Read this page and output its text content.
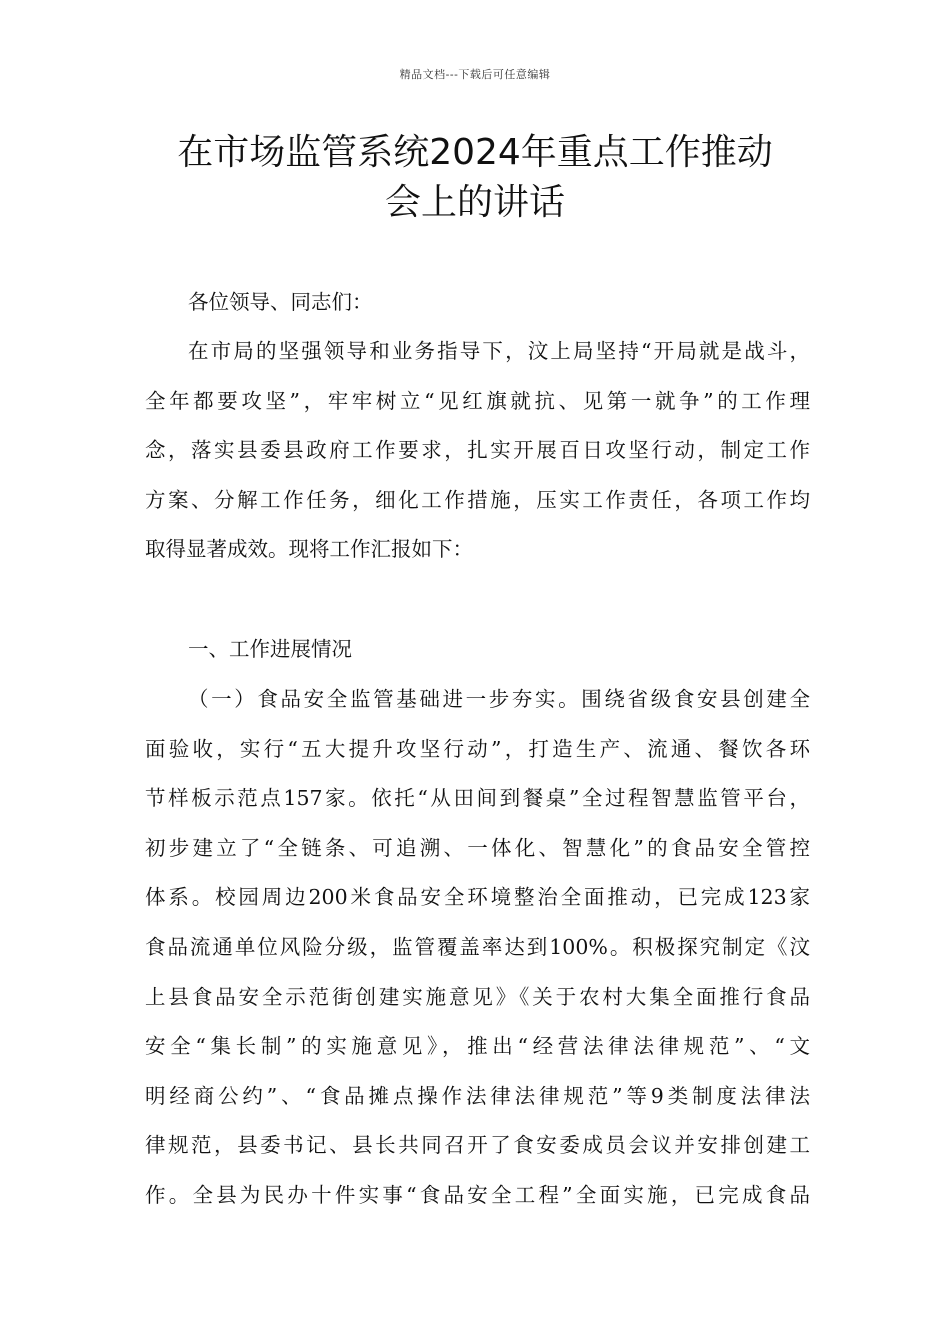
精品文档---下载后可任意编辑
在市场监管系统2024年重点工作推动
会上的讲话
各位领导、同志们：
在市局的坚强领导和业务指导下，汶上局坚持“开局就是战斗，
全年都要攻坚”，牢牢树立“见红旗就抗、见第一就争”的工作理
念，落实县委县政府工作要求，扎实开展百日攻坚行动，制定工作
方案、分解工作任务，细化工作措施，压实工作责任，各项工作均
取得显著成效。现将工作汇报如下：
一、工作进展情况
（一）食品安全监管基础进一步夯实。围绕省级食安县创建全
面验收，实行“五大提升攻坚行动”，打造生产、流通、餐饮各环
节样板示范点157家。依托“从田间到餐桌”全过程智慧监管平台，
初步建立了“全链条、可追溯、一体化、智慧化”的食品安全管控
体系。校园周边200米食品安全环境整治全面推动，已完成123家
食品流通单位风险分级，监管覆盖率达到100%。积极探究制定《汶
上县食品安全示范街创建实施意见》《关于农村大集全面推行食品
安全“集长制”的实施意见》，推出“经营法律法律规范”、“文
明经商公约”、“食品摊点操作法律法律规范”等9类制度法律法
律规范，县委书记、县长共同召开了食安委成员会议并安排创建工
作。全县为民办十件实事“食品安全工程”全面实施，已完成食品
